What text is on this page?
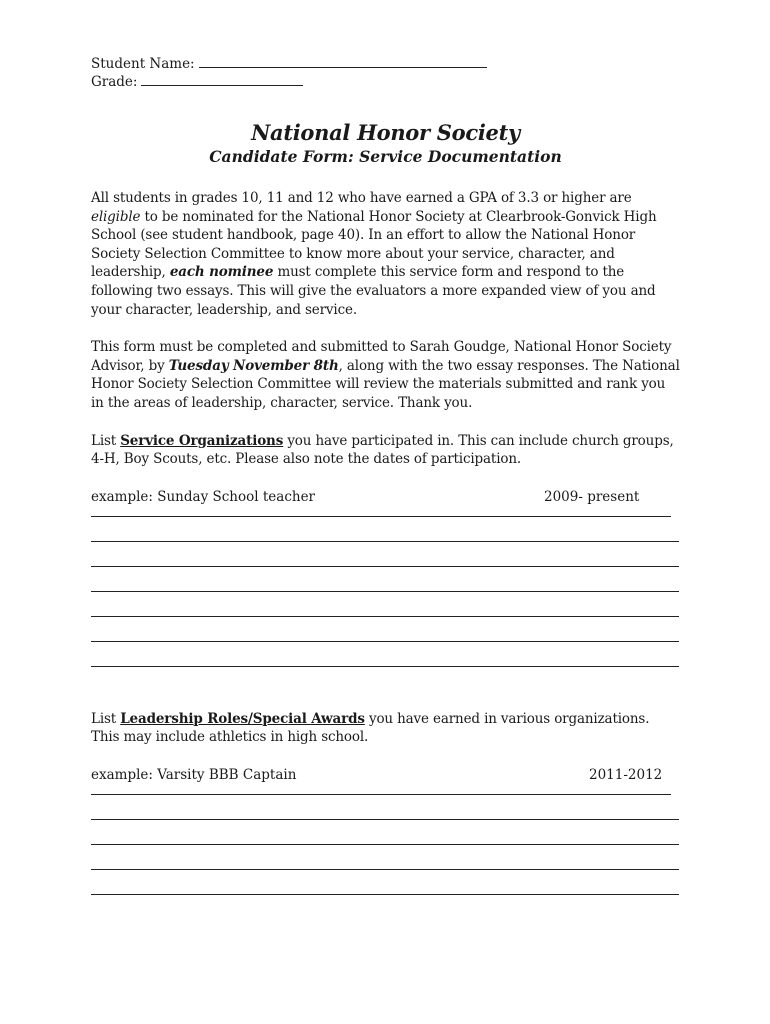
Student Name:
Grade:
National Honor Society
Candidate Form: Service Documentation
All students in grades 10, 11 and 12 who have earned a GPA of 3.3 or higher are eligible to be nominated for the National Honor Society at Clearbrook-Gonvick High School (see student handbook, page 40). In an effort to allow the National Honor Society Selection Committee to know more about your service, character, and leadership, each nominee must complete this service form and respond to the following two essays. This will give the evaluators a more expanded view of you and your character, leadership, and service.
This form must be completed and submitted to Sarah Goudge, National Honor Society Advisor, by Tuesday November 8th, along with the two essay responses. The National Honor Society Selection Committee will review the materials submitted and rank you in the areas of leadership, character, service. Thank you.
List Service Organizations you have participated in. This can include church groups, 4-H, Boy Scouts, etc. Please also note the dates of participation.
example: Sunday School teacher	2009- present
List Leadership Roles/Special Awards you have earned in various organizations. This may include athletics in high school.
example: Varsity BBB Captain	2011-2012
